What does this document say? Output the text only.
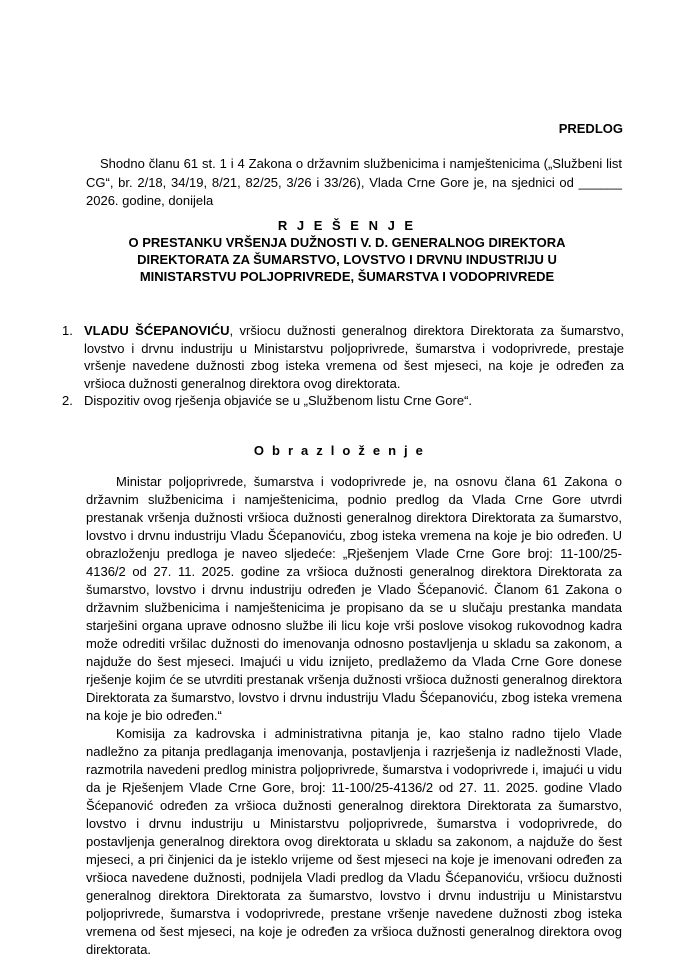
PREDLOG
Shodno članu 61 st. 1 i 4 Zakona o državnim službenicima i namještenicima („Službeni list CG“, br. 2/18, 34/19, 8/21, 82/25, 3/26 i 33/26), Vlada Crne Gore je, na sjednici od ______ 2026. godine, donijela
R J E Š E N J E
O PRESTANKU VRŠENJA DUŽNOSTI V. D. GENERALNOG DIREKTORA
DIREKTORATA ZA ŠUMARSTVO, LOVSTVO I DRVNU INDUSTRIJU U
MINISTARSTVU POLJOPRIVREDE, ŠUMARSTVA I VODOPRIVREDE
1. VLADU ŠĆEPANOVIĆU, vršiocu dužnosti generalnog direktora Direktorata za šumarstvo, lovstvo i drvnu industriju u Ministarstvu poljoprivrede, šumarstva i vodoprivrede, prestaje vršenje navedene dužnosti zbog isteka vremena od šest mjeseci, na koje je određen za vršioca dužnosti generalnog direktora ovog direktorata.
2. Dispozitiv ovog rješenja objaviće se u „Službenom listu Crne Gore“.
O b r a z l o ž e n j e

Ministar poljoprivrede, šumarstva i vodoprivrede je, na osnovu člana 61 Zakona o državnim službenicima i namještenicima, podnio predlog da Vlada Crne Gore utvrdi prestanak vršenja dužnosti vršioca dužnosti generalnog direktora Direktorata za šumarstvo, lovstvo i drvnu industriju Vladu Šćepanoviću, zbog isteka vremena na koje je bio određen. U obrazloženju predloga je naveo sljedeće: „Rješenjem Vlade Crne Gore broj: 11-100/25-4136/2 od 27. 11. 2025. godine za vršioca dužnosti generalnog direktora Direktorata za šumarstvo, lovstvo i drvnu industriju određen je Vlado Šćepanović. Članom 61 Zakona o državnim službenicima i namještenicima je propisano da se u slučaju prestanka mandata starješini organa uprave odnosno službe ili licu koje vrši poslove visokog rukovodnog kadra može odrediti vršilac dužnosti do imenovanja odnosno postavljenja u skladu sa zakonom, a najduže do šest mjeseci. Imajući u vidu iznijeto, predlažemo da Vlada Crne Gore donese rješenje kojim će se utvrditi prestanak vršenja dužnosti vršioca dužnosti generalnog direktora Direktorata za šumarstvo, lovstvo i drvnu industriju Vladu Šćepanoviću, zbog isteka vremena na koje je bio određen.“

Komisija za kadrovska i administrativna pitanja je, kao stalno radno tijelo Vlade nadležno za pitanja predlaganja imenovanja, postavljenja i razrješenja iz nadležnosti Vlade, razmotrila navedeni predlog ministra poljoprivrede, šumarstva i vodoprivrede i, imajući u vidu da je Rješenjem Vlade Crne Gore, broj: 11-100/25-4136/2 od 27. 11. 2025. godine Vlado Šćepanović određen za vršioca dužnosti generalnog direktora Direktorata za šumarstvo, lovstvo i drvnu industriju u Ministarstvu poljoprivrede, šumarstva i vodoprivrede, do postavljenja generalnog direktora ovog direktorata u skladu sa zakonom, a najduže do šest mjeseci, a pri činjenici da je isteklo vrijeme od šest mjeseci na koje je imenovani određen za vršioca navedene dužnosti, podnijela Vladi predlog da Vladu Šćepanoviću, vršiocu dužnosti generalnog direktora Direktorata za šumarstvo, lovstvo i drvnu industriju u Ministarstvu poljoprivrede, šumarstva i vodoprivrede, prestane vršenje navedene dužnosti zbog isteka vremena od šest mjeseci, na koje je određen za vršioca dužnosti generalnog direktora ovog direktorata.
